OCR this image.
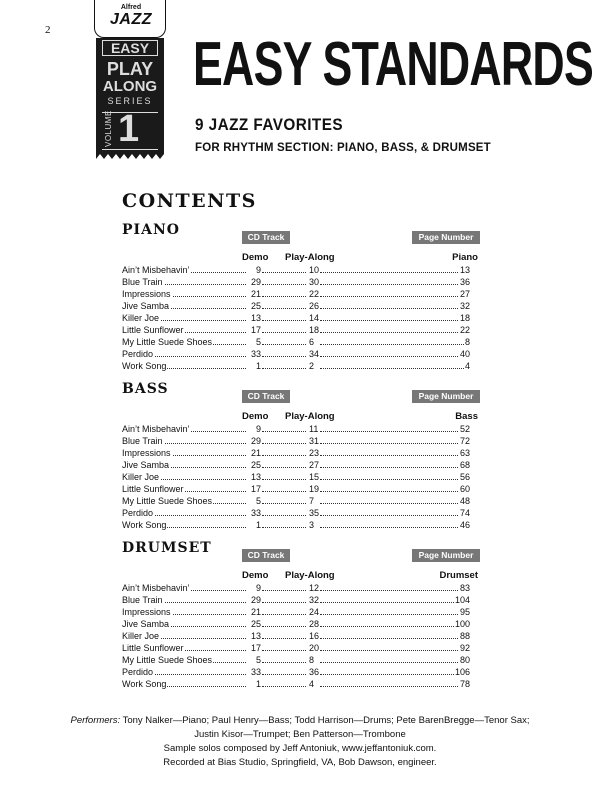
2
Alfred
JAZZ
EASY
PLAY
ALONG
SERIES
VOLUME 1
EASY STANDARDS
9 JAZZ FAVORITES
FOR RHYTHM SECTION: PIANO, BASS, & DRUMSET
CONTENTS
PIANO	CD Track	Page Number
Demo Play-Along	Piano
Ain’t Misbehavin’	9	10	13
Blue Train	29	30	36
Impressions	21	22	27
Jive Samba	25	26	32
Killer Joe	13	14	18
Little Sunflower	17	18	22
My Little Suede Shoes	5	6	8
Perdido	33	34	40
Work Song	1	2	4
BASS	CD Track	Page Number
Demo Play-Along	Bass
Ain’t Misbehavin’	9	11	52
Blue Train	29	31	72
Impressions	21	23	63
Jive Samba	25	27	68
Killer Joe	13	15	56
Little Sunflower	17	19	60
My Little Suede Shoes	5	7	48
Perdido	33	35	74
Work Song	1	3	46
DRUMSET	CD Track	Page Number
Demo Play-Along	Drumset
Ain’t Misbehavin’	9	12	83
Blue Train	29	32	104
Impressions	21	24	95
Jive Samba	25	28	100
Killer Joe	13	16	88
Little Sunflower	17	20	92
My Little Suede Shoes	5	8	80
Perdido	33	36	106
Work Song	1	4	78
Performers: Tony Nalker—Piano; Paul Henry—Bass; Todd Harrison—Drums; Pete BarenBregge—Tenor Sax;
Justin Kisor—Trumpet; Ben Patterson—Trombone
Sample solos composed by Jeff Antoniuk, www.jeffantoniuk.com.
Recorded at Bias Studio, Springfield, VA, Bob Dawson, engineer.
